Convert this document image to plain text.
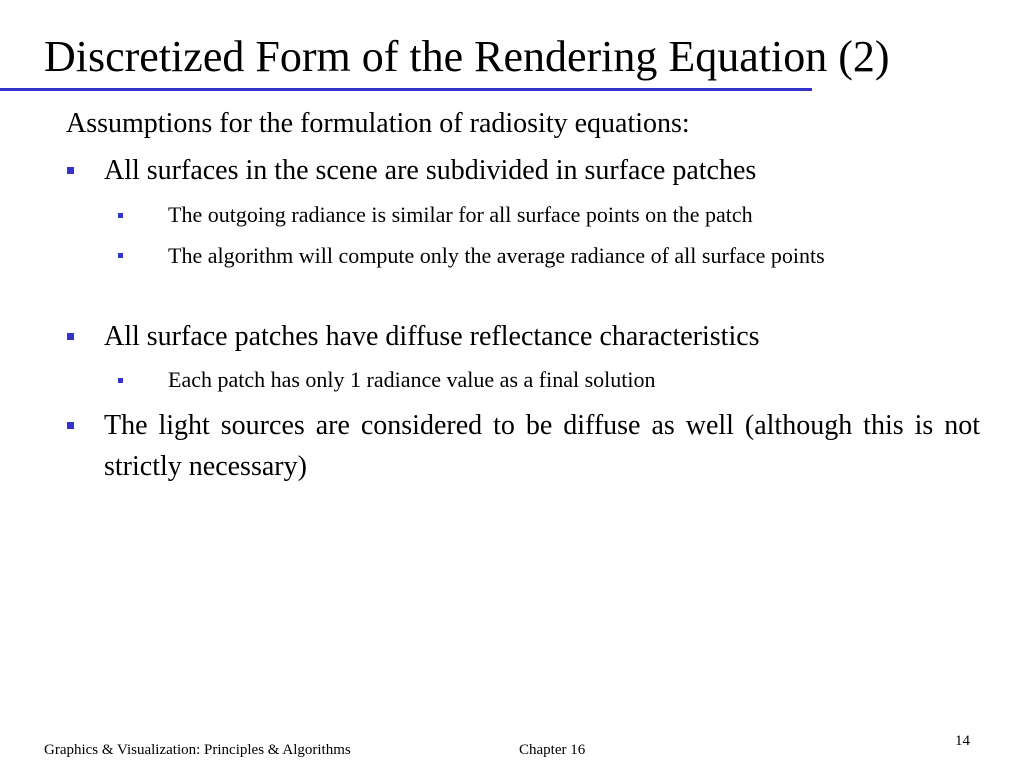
Discretized Form of the Rendering Equation (2)
Assumptions for the formulation of radiosity equations:
All surfaces in the scene are subdivided in surface patches
The outgoing radiance is similar for all surface points on the patch
The algorithm will compute only the average radiance of all surface points
All surface patches have diffuse reflectance characteristics
Each patch has only 1 radiance value as a final solution
The light sources are considered to be diffuse as well (although this is not strictly necessary)
Graphics & Visualization: Principles & Algorithms	Chapter 16
14
